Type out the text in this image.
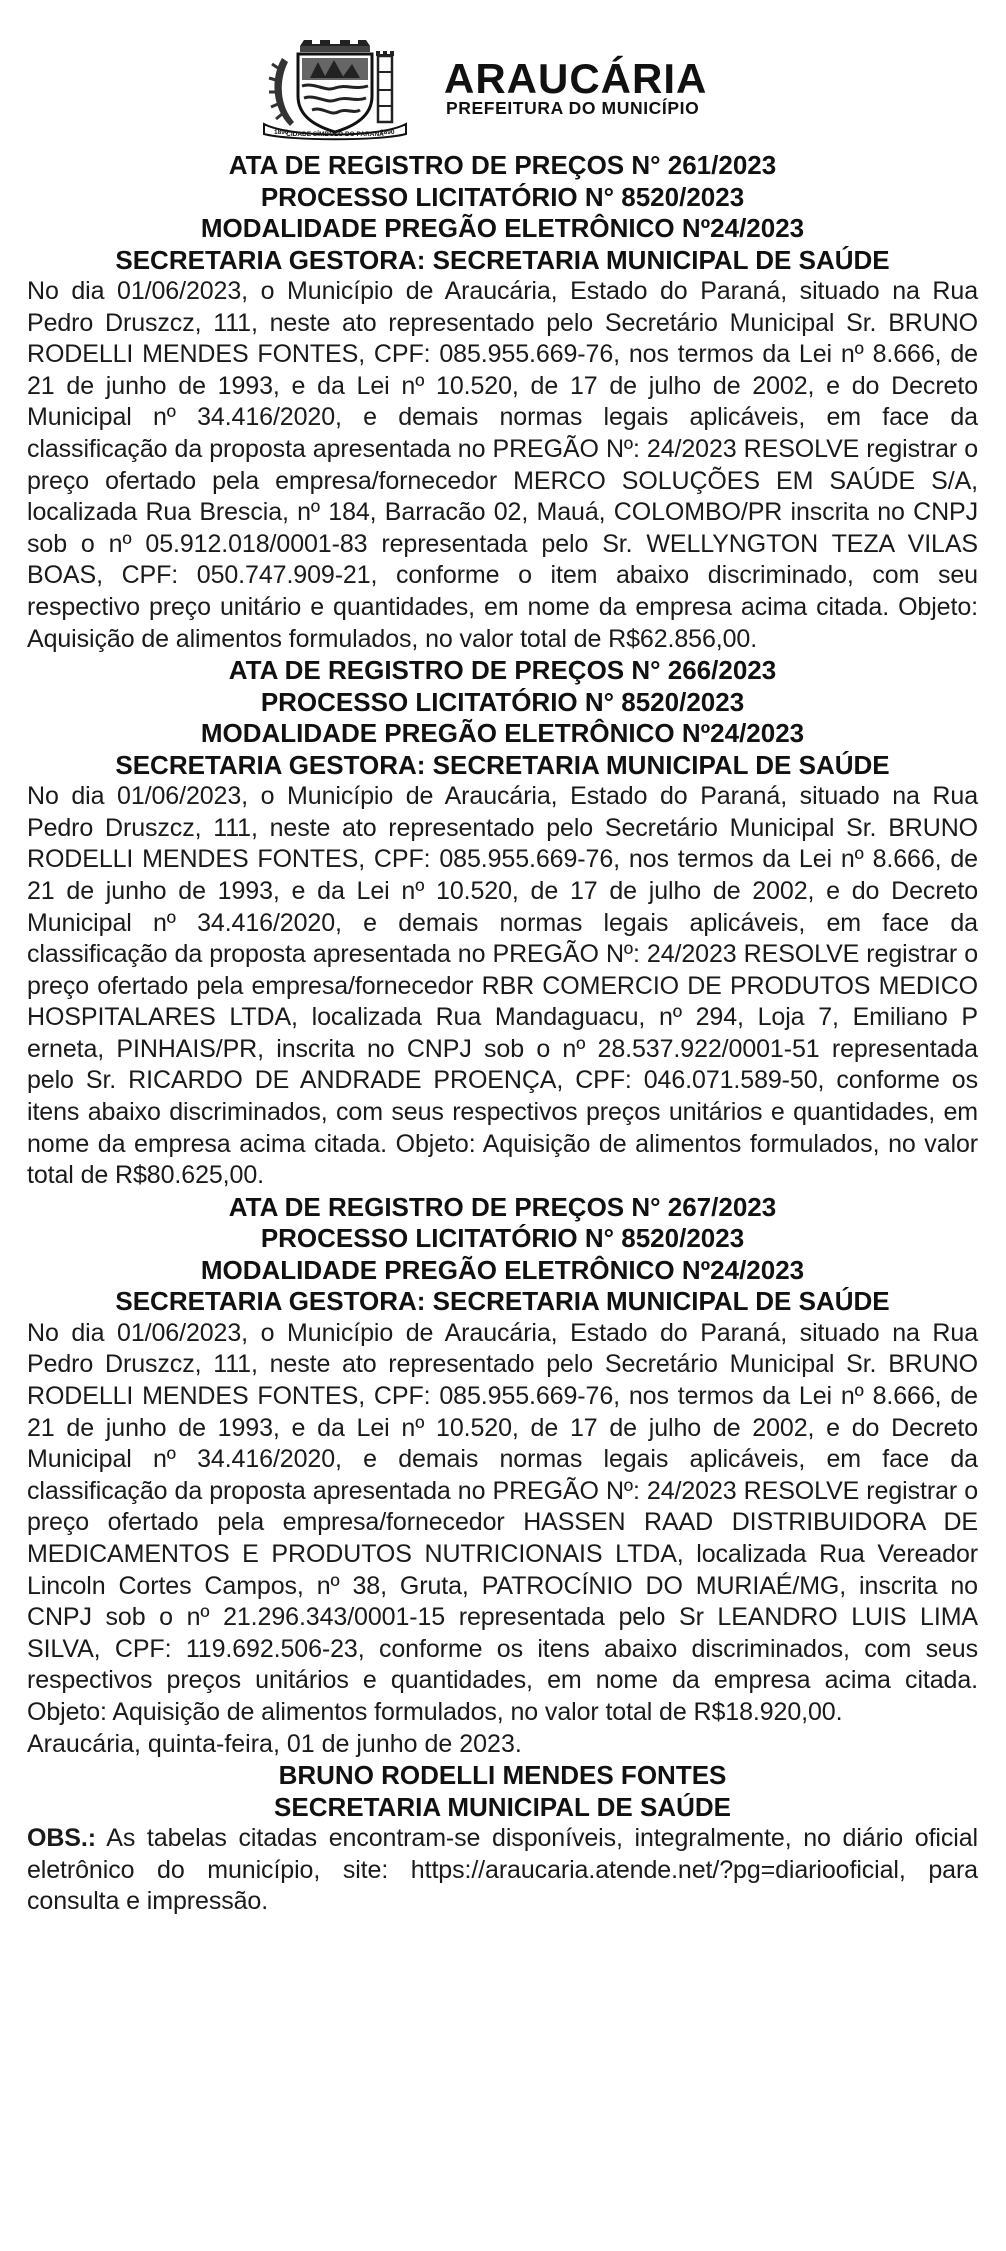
1890
CIDADE SÍMBOLO DO PARANÁ
1890
ARAUCÁRIA
PREFEITURA DO MUNICÍPIO

ATA DE REGISTRO DE PREÇOS N° 261/2023

PROCESSO LICITATÓRIO N° 8520/2023

MODALIDADE PREGÃO ELETRÔNICO Nº24/2023

SECRETARIA GESTORA: SECRETARIA MUNICIPAL DE SAÚDE

No dia 01/06/2023, o Município de Araucária, Estado do Paraná, situado na Rua Pedro Druszcz, 111, neste ato representado pelo Secretário Municipal Sr. BRUNO RODELLI MENDES FONTES, CPF: 085.955.669-76, nos termos da Lei nº 8.666, de 21 de junho de 1993, e da Lei nº 10.520, de 17 de julho de 2002, e do Decreto Municipal nº 34.416/2020, e demais normas legais aplicáveis, em face da classificação da proposta apresentada no PREGÃO Nº: 24/2023 RESOLVE registrar o preço ofertado pela empresa/fornecedor MERCO SOLUÇÕES EM SAÚDE S/A, localizada Rua Brescia, nº 184, Barracão 02, Mauá, COLOMBO/PR inscrita no CNPJ sob o nº 05.912.018/0001-83 representada pelo Sr. WELLYNGTON TEZA VILAS BOAS, CPF: 050.747.909-21, conforme o item abaixo discriminado, com seu respectivo preço unitário e quantidades, em nome da empresa acima citada. Objeto: Aquisição de alimentos formulados, no valor total de R$62.856,00.

ATA DE REGISTRO DE PREÇOS N° 266/2023

PROCESSO LICITATÓRIO N° 8520/2023

MODALIDADE PREGÃO ELETRÔNICO Nº24/2023

SECRETARIA GESTORA: SECRETARIA MUNICIPAL DE SAÚDE

No dia 01/06/2023, o Município de Araucária, Estado do Paraná, situado na Rua Pedro Druszcz, 111, neste ato representado pelo Secretário Municipal Sr. BRUNO RODELLI MENDES FONTES, CPF: 085.955.669-76, nos termos da Lei nº 8.666, de 21 de junho de 1993, e da Lei nº 10.520, de 17 de julho de 2002, e do Decreto Municipal nº 34.416/2020, e demais normas legais aplicáveis, em face da classificação da proposta apresentada no PREGÃO Nº: 24/2023 RESOLVE registrar o preço ofertado pela empresa/fornecedor RBR COMERCIO DE PRODUTOS MEDICO HOSPITALARES LTDA, localizada Rua Mandaguacu, nº 294, Loja 7, Emiliano P erneta, PINHAIS/PR, inscrita no CNPJ sob o nº 28.537.922/0001-51 representada pelo Sr. RICARDO DE ANDRADE PROENÇA, CPF: 046.071.589-50, conforme os itens abaixo discriminados, com seus respectivos preços unitários e quantidades, em nome da empresa acima citada. Objeto: Aquisição de alimentos formulados, no valor total de R$80.625,00.

ATA DE REGISTRO DE PREÇOS N° 267/2023

PROCESSO LICITATÓRIO N° 8520/2023

MODALIDADE PREGÃO ELETRÔNICO Nº24/2023

SECRETARIA GESTORA: SECRETARIA MUNICIPAL DE SAÚDE

No dia 01/06/2023, o Município de Araucária, Estado do Paraná, situado na Rua Pedro Druszcz, 111, neste ato representado pelo Secretário Municipal Sr. BRUNO RODELLI MENDES FONTES, CPF: 085.955.669-76, nos termos da Lei nº 8.666, de 21 de junho de 1993, e da Lei nº 10.520, de 17 de julho de 2002, e do Decreto Municipal nº 34.416/2020, e demais normas legais aplicáveis, em face da classificação da proposta apresentada no PREGÃO Nº: 24/2023 RESOLVE registrar o preço ofertado pela empresa/fornecedor HASSEN RAAD DISTRIBUIDORA DE MEDICAMENTOS E PRODUTOS NUTRICIONAIS LTDA, localizada Rua Vereador Lincoln Cortes Campos, nº 38, Gruta, PATROCÍNIO DO MURIAÉ/MG, inscrita no CNPJ sob o nº 21.296.343/0001-15 representada pelo Sr LEANDRO LUIS LIMA SILVA, CPF: 119.692.506-23, conforme os itens abaixo discriminados, com seus respectivos preços unitários e quantidades, em nome da empresa acima citada. Objeto: Aquisição de alimentos formulados, no valor total de R$18.920,00.

Araucária, quinta-feira, 01 de junho de 2023.

BRUNO RODELLI MENDES FONTES

SECRETARIA MUNICIPAL DE SAÚDE

OBS.: As tabelas citadas encontram-se disponíveis, integralmente, no diário oficial eletrônico do município, site: https://araucaria.atende.net/?pg=diariooficial, para consulta e impressão.
